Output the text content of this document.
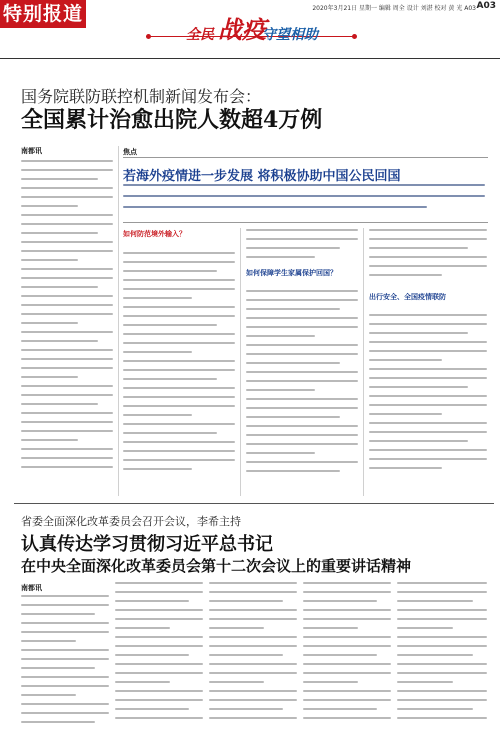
特别报道	2020年3月21日 星期一 编辑 周全 设计 刘湛 校对 黄 光 A03 A03
全民 战疫
守望相助
国务院联防联控机制新闻发布会：
全国累计治愈出院人数超4万例
南都讯	焦点
若海外疫情进一步发展 将积极协助中国公民回国
如何防范境外输入？
如何保障学生家属保护回国？
出行安全、全国疫情联防
省委全面深化改革委员会召开会议，李希主持
认真传达学习贯彻习近平总书记
在中央全面深化改革委员会第十二次会议上的重要讲话精神
南都讯
